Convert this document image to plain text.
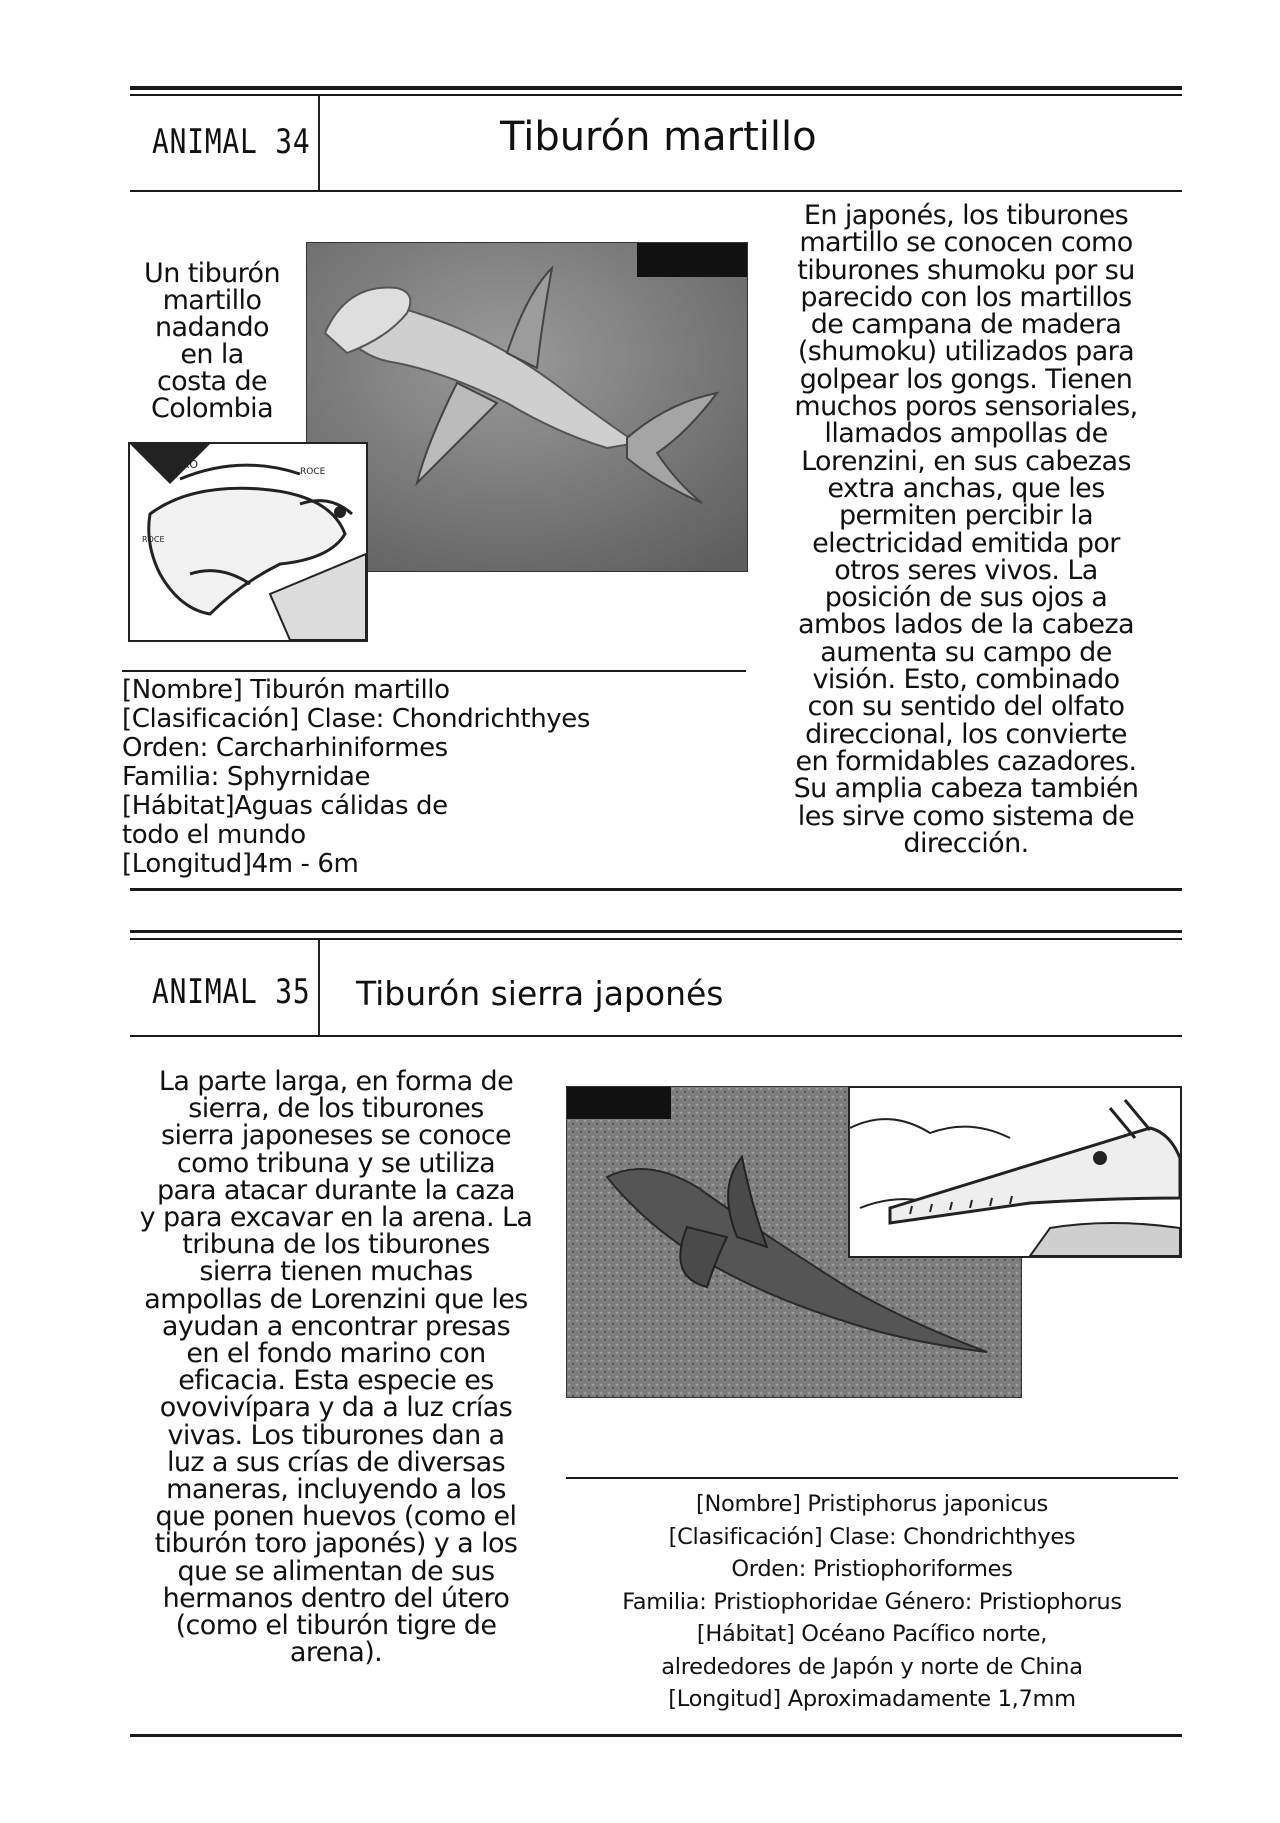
ANIMAL 34	Tiburón martillo
Un tiburón
martillo
nadando
en la
costa de
Colombia
GIRO
ROCE
ROCE
En japonés, los tiburones
martillo se conocen como
tiburones shumoku por su
parecido con los martillos
de campana de madera
(shumoku) utilizados para
golpear los gongs. Tienen
muchos poros sensoriales,
llamados ampollas de
Lorenzini, en sus cabezas
extra anchas, que les
permiten percibir la
electricidad emitida por
otros seres vivos. La
posición de sus ojos a
ambos lados de la cabeza
aumenta su campo de
visión. Esto, combinado
con su sentido del olfato
direccional, los convierte
en formidables cazadores.
Su amplia cabeza también
les sirve como sistema de
dirección.
[Nombre] Tiburón martillo
[Clasificación] Clase: Chondrichthyes
Orden: Carcharhiniformes
Familia: Sphyrnidae
[Hábitat]Aguas cálidas de
todo el mundo
[Longitud]4m - 6m
ANIMAL 35 Tiburón sierra japonés
La parte larga, en forma de
sierra, de los tiburones
sierra japoneses se conoce
como tribuna y se utiliza
para atacar durante la caza
y para excavar en la arena. La
tribuna de los tiburones
sierra tienen muchas
ampollas de Lorenzini que les
ayudan a encontrar presas
en el fondo marino con
eficacia. Esta especie es
ovovivípara y da a luz crías
vivas. Los tiburones dan a
luz a sus crías de diversas
maneras, incluyendo a los
que ponen huevos (como el
tiburón toro japonés) y a los
que se alimentan de sus
hermanos dentro del útero
(como el tiburón tigre de
arena).
[Nombre] Pristiphorus japonicus
[Clasificación] Clase: Chondrichthyes
Orden: Pristiophoriformes
Familia: Pristiophoridae Género: Pristiophorus
[Hábitat] Océano Pacífico norte,
alrededores de Japón y norte de China
[Longitud] Aproximadamente 1,7mm
